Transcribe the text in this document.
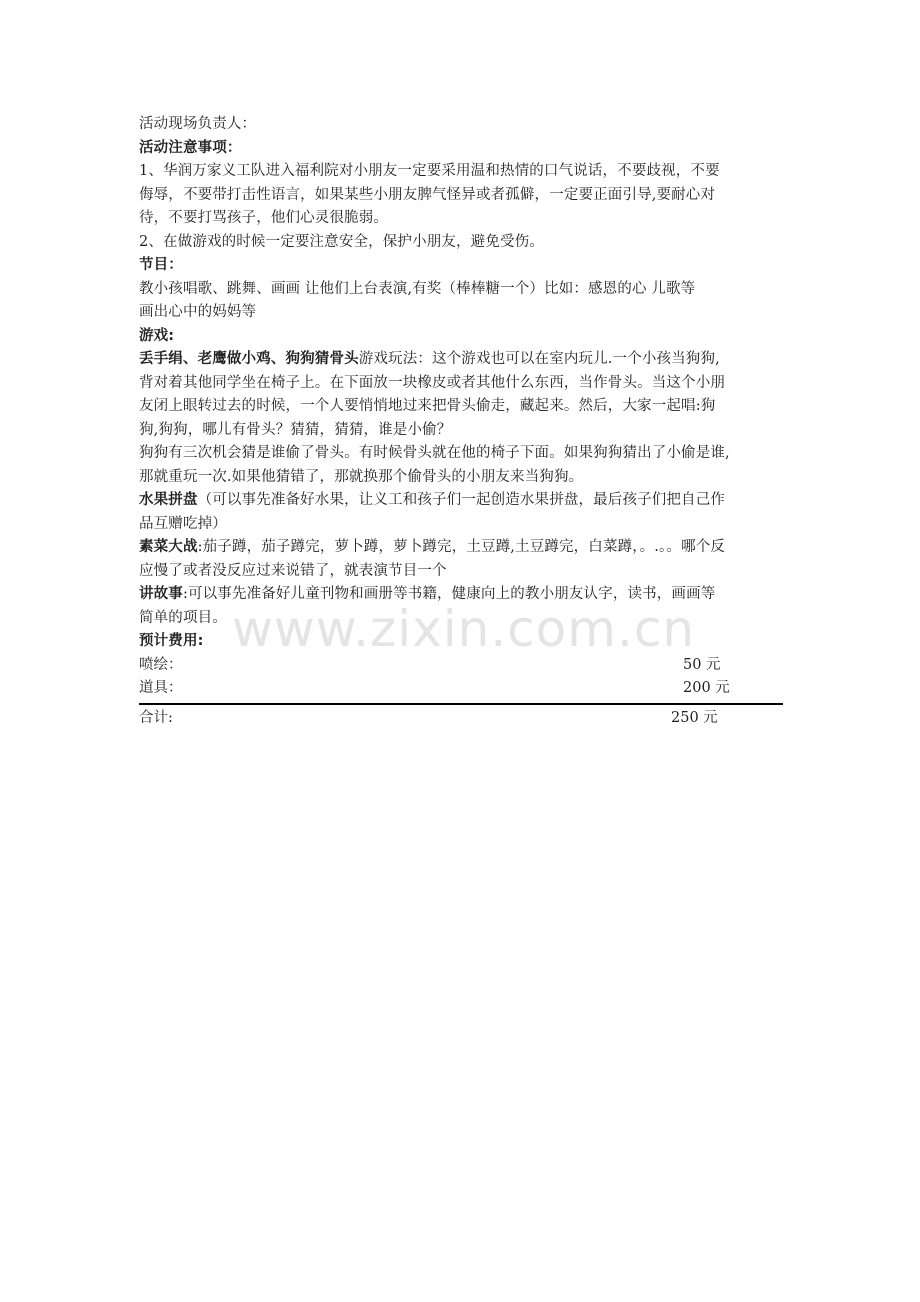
活动现场负责人：
活动注意事项：
1、华润万家义工队进入福利院对小朋友一定要采用温和热情的口气说话，不要歧视，不要
侮辱，不要带打击性语言，如果某些小朋友脾气怪异或者孤僻，一定要正面引导,要耐心对
待，不要打骂孩子，他们心灵很脆弱。
2、在做游戏的时候一定要注意安全，保护小朋友，避免受伤。
节目：
教小孩唱歌、跳舞、画画 让他们上台表演,有奖（棒棒糖一个）比如：感恩的心 儿歌等
画出心中的妈妈等
游戏:
丢手绢、老鹰做小鸡、狗狗猜骨头游戏玩法：这个游戏也可以在室内玩儿.一个小孩当狗狗,
背对着其他同学坐在椅子上。在下面放一块橡皮或者其他什么东西，当作骨头。当这个小朋
友闭上眼转过去的时候，一个人要悄悄地过来把骨头偷走，藏起来。然后，大家一起唱:狗
狗,狗狗，哪儿有骨头？猜猜，猜猜，谁是小偷？
狗狗有三次机会猜是谁偷了骨头。有时候骨头就在他的椅子下面。如果狗狗猜出了小偷是谁,
那就重玩一次.如果他猜错了，那就换那个偷骨头的小朋友来当狗狗。
水果拼盘（可以事先准备好水果，让义工和孩子们一起创造水果拼盘，最后孩子们把自己作
品互赠吃掉）
素菜大战:茄子蹲，茄子蹲完，萝卜蹲，萝卜蹲完，土豆蹲,土豆蹲完，白菜蹲，。.。。哪个反
应慢了或者没反应过来说错了，就表演节目一个
讲故事:可以事先准备好儿童刊物和画册等书籍，健康向上的教小朋友认字，读书，画画等
简单的项目。
预计费用:
喷绘：	50 元
道具：	200 元
合计:	250 元
www.zixin.com.cn
